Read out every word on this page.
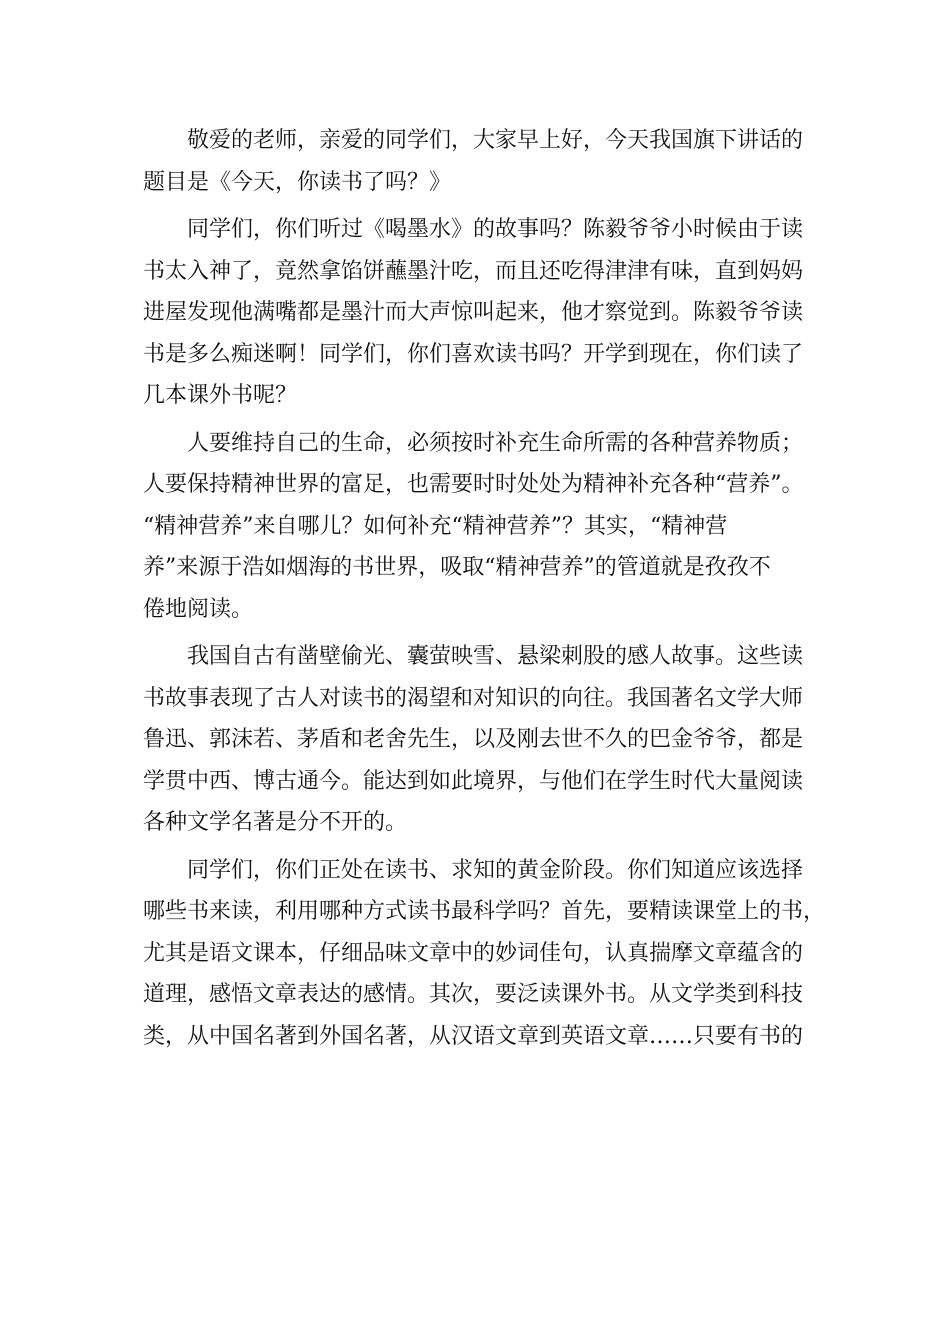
敬爱的老师，亲爱的同学们，大家早上好，今天我国旗下讲话的
题目是《今天，你读书了吗？》
同学们，你们听过《喝墨水》的故事吗？陈毅爷爷小时候由于读
书太入神了，竟然拿馅饼蘸墨汁吃，而且还吃得津津有味，直到妈妈
进屋发现他满嘴都是墨汁而大声惊叫起来，他才察觉到。陈毅爷爷读
书是多么痴迷啊！同学们，你们喜欢读书吗？开学到现在，你们读了
几本课外书呢？
人要维持自己的生命，必须按时补充生命所需的各种营养物质；
人要保持精神世界的富足，也需要时时处处为精神补充各种“营养”。
“精神营养”来自哪儿？如何补充“精神营养”？其实，“精神营
养”来源于浩如烟海的书世界，吸取“精神营养”的管道就是孜孜不
倦地阅读。
我国自古有凿壁偷光、囊萤映雪、悬梁刺股的感人故事。这些读
书故事表现了古人对读书的渴望和对知识的向往。我国著名文学大师
鲁迅、郭沫若、茅盾和老舍先生，以及刚去世不久的巴金爷爷，都是
学贯中西、博古通今。能达到如此境界，与他们在学生时代大量阅读
各种文学名著是分不开的。
同学们，你们正处在读书、求知的黄金阶段。你们知道应该选择
哪些书来读，利用哪种方式读书最科学吗？首先，要精读课堂上的书，
尤其是语文课本，仔细品味文章中的妙词佳句，认真揣摩文章蕴含的
道理，感悟文章表达的感情。其次，要泛读课外书。从文学类到科技
类，从中国名著到外国名著，从汉语文章到英语文章……只要有书的
